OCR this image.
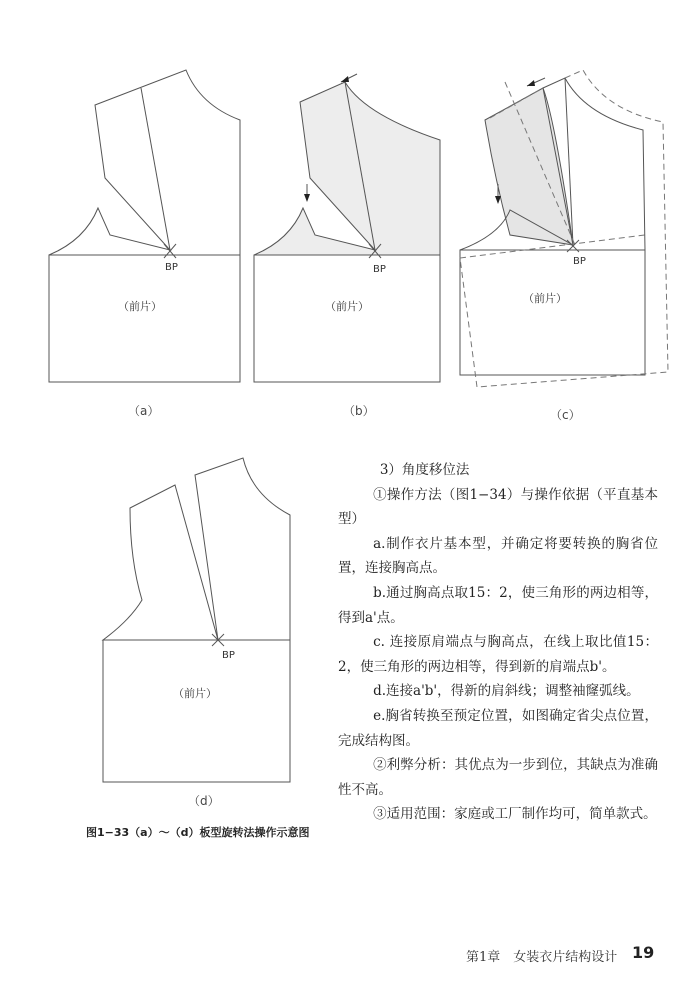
BP
（前片）
（a）
BP
（前片）
（b）
BP
（前片）
（c）
BP
（前片）
（d）
图1−33（a）～（d）板型旋转法操作示意图

3）角度移位法

①操作方法（图1−34）与操作依据（平直基本型）

a.制作衣片基本型，并确定将要转换的胸省位置，连接胸高点。

b.通过胸高点取15：2，使三角形的两边相等，得到a'点。

c. 连接原肩端点与胸高点，在线上取比值15：2，使三角形的两边相等，得到新的肩端点b'。

d.连接a'b'，得新的肩斜线；调整袖窿弧线。

e.胸省转换至预定位置，如图确定省尖点位置，完成结构图。

②利弊分析：其优点为一步到位，其缺点为准确性不高。

③适用范围：家庭或工厂制作均可，简单款式。

第1章　女装衣片结构设计 19
